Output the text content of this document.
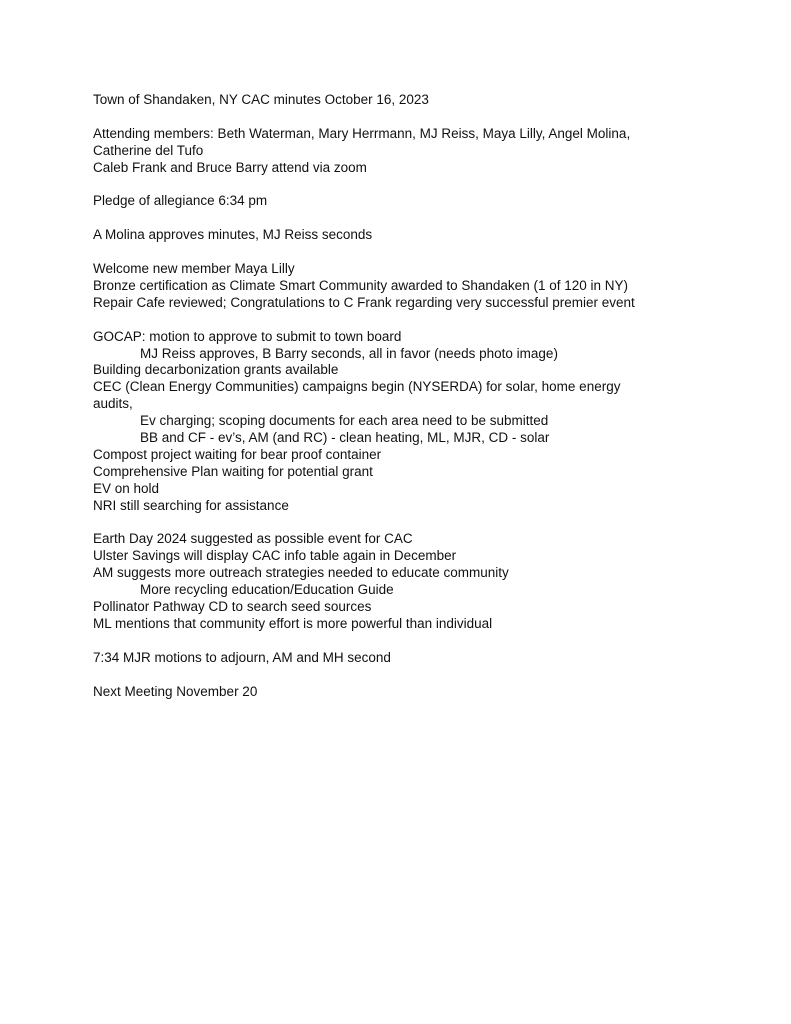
Town of Shandaken, NY CAC minutes October 16, 2023
Attending members: Beth Waterman, Mary Herrmann, MJ Reiss, Maya Lilly, Angel Molina,
Catherine del Tufo
Caleb Frank and Bruce Barry attend via zoom
Pledge of allegiance 6:34 pm
A Molina approves minutes, MJ Reiss seconds
Welcome new member Maya Lilly
Bronze certification as Climate Smart Community awarded to Shandaken (1 of 120 in NY)
Repair Cafe reviewed; Congratulations to C Frank regarding very successful premier event
GOCAP: motion to approve to submit to town board
MJ Reiss approves, B Barry seconds, all in favor (needs photo image)
Building decarbonization grants available
CEC (Clean Energy Communities) campaigns begin (NYSERDA) for solar, home energy
audits,
Ev charging; scoping documents for each area need to be submitted
BB and CF - ev’s, AM (and RC) - clean heating, ML, MJR, CD - solar
Compost project waiting for bear proof container
Comprehensive Plan waiting for potential grant
EV on hold
NRI still searching for assistance
Earth Day 2024 suggested as possible event for CAC
Ulster Savings will display CAC info table again in December
AM suggests more outreach strategies needed to educate community
More recycling education/Education Guide
Pollinator Pathway CD to search seed sources
ML mentions that community effort is more powerful than individual
7:34 MJR motions to adjourn, AM and MH second
Next Meeting November 20
